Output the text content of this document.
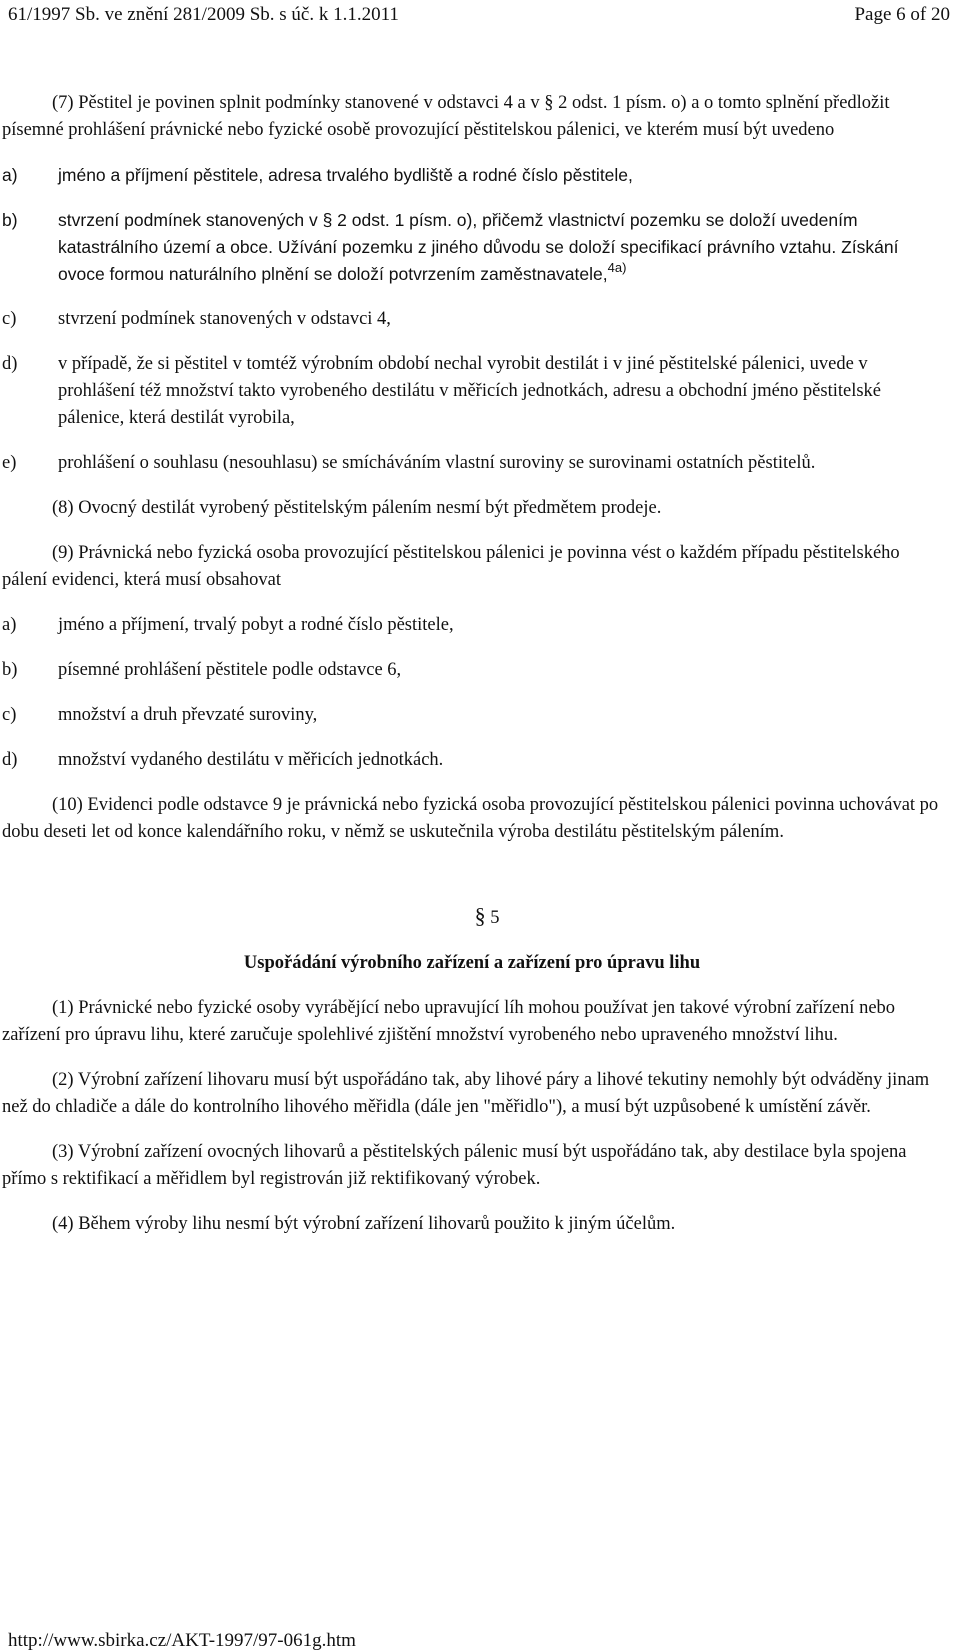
61/1997 Sb. ve znění 281/2009 Sb. s úč. k 1.1.2011	Page 6 of 20

(7) Pěstitel je povinen splnit podmínky stanovené v odstavci 4 a v § 2 odst. 1 písm. o) a o tomto splnění předložit písemné prohlášení právnické nebo fyzické osobě provozující pěstitelskou pálenici, ve kterém musí být uvedeno

a)	jméno a příjmení pěstitele, adresa trvalého bydliště a rodné číslo pěstitele,
b)	stvrzení podmínek stanovených v § 2 odst. 1 písm. o), přičemž vlastnictví pozemku se doloží uvedením katastrálního území a obce. Užívání pozemku z jiného důvodu se doloží specifikací právního vztahu. Získání ovoce formou naturálního plnění se doloží potvrzením zaměstnavatele,$^{4a)}$
c)	stvrzení podmínek stanovených v odstavci 4,
d)	v případě, že si pěstitel v tomtéž výrobním období nechal vyrobit destilát i v jiné pěstitelské pálenici, uvede v prohlášení též množství takto vyrobeného destilátu v měřicích jednotkách, adresu a obchodní jméno pěstitelské pálenice, která destilát vyrobila,
e)	prohlášení o souhlasu (nesouhlasu) se smícháváním vlastní suroviny se surovinami ostatních pěstitelů.

(8) Ovocný destilát vyrobený pěstitelským pálením nesmí být předmětem prodeje.

(9) Právnická nebo fyzická osoba provozující pěstitelskou pálenici je povinna vést o každém případu pěstitelského pálení evidenci, která musí obsahovat

a)	jméno a příjmení, trvalý pobyt a rodné číslo pěstitele,
b)	písemné prohlášení pěstitele podle odstavce 6,
c)	množství a druh převzaté suroviny,
d)	množství vydaného destilátu v měřicích jednotkách.

(10) Evidenci podle odstavce 9 je právnická nebo fyzická osoba provozující pěstitelskou pálenici povinna uchovávat po dobu deseti let od konce kalendářního roku, v němž se uskutečnila výroba destilátu pěstitelským pálením.

§ 5

Uspořádání výrobního zařízení a zařízení pro úpravu lihu

(1) Právnické nebo fyzické osoby vyrábějící nebo upravující líh mohou používat jen takové výrobní zařízení nebo zařízení pro úpravu lihu, které zaručuje spolehlivé zjištění množství vyrobeného nebo upraveného množství lihu.

(2) Výrobní zařízení lihovaru musí být uspořádáno tak, aby lihové páry a lihové tekutiny nemohly být odváděny jinam než do chladiče a dále do kontrolního lihového měřidla (dále jen "měřidlo"), a musí být uzpůsobené k umístění závěr.

(3) Výrobní zařízení ovocných lihovarů a pěstitelských pálenic musí být uspořádáno tak, aby destilace byla spojena přímo s rektifikací a měřidlem byl registrován již rektifikovaný výrobek.

(4) Během výroby lihu nesmí být výrobní zařízení lihovarů použito k jiným účelům.

http://www.sbirka.cz/AKT-1997/97-061g.htm
